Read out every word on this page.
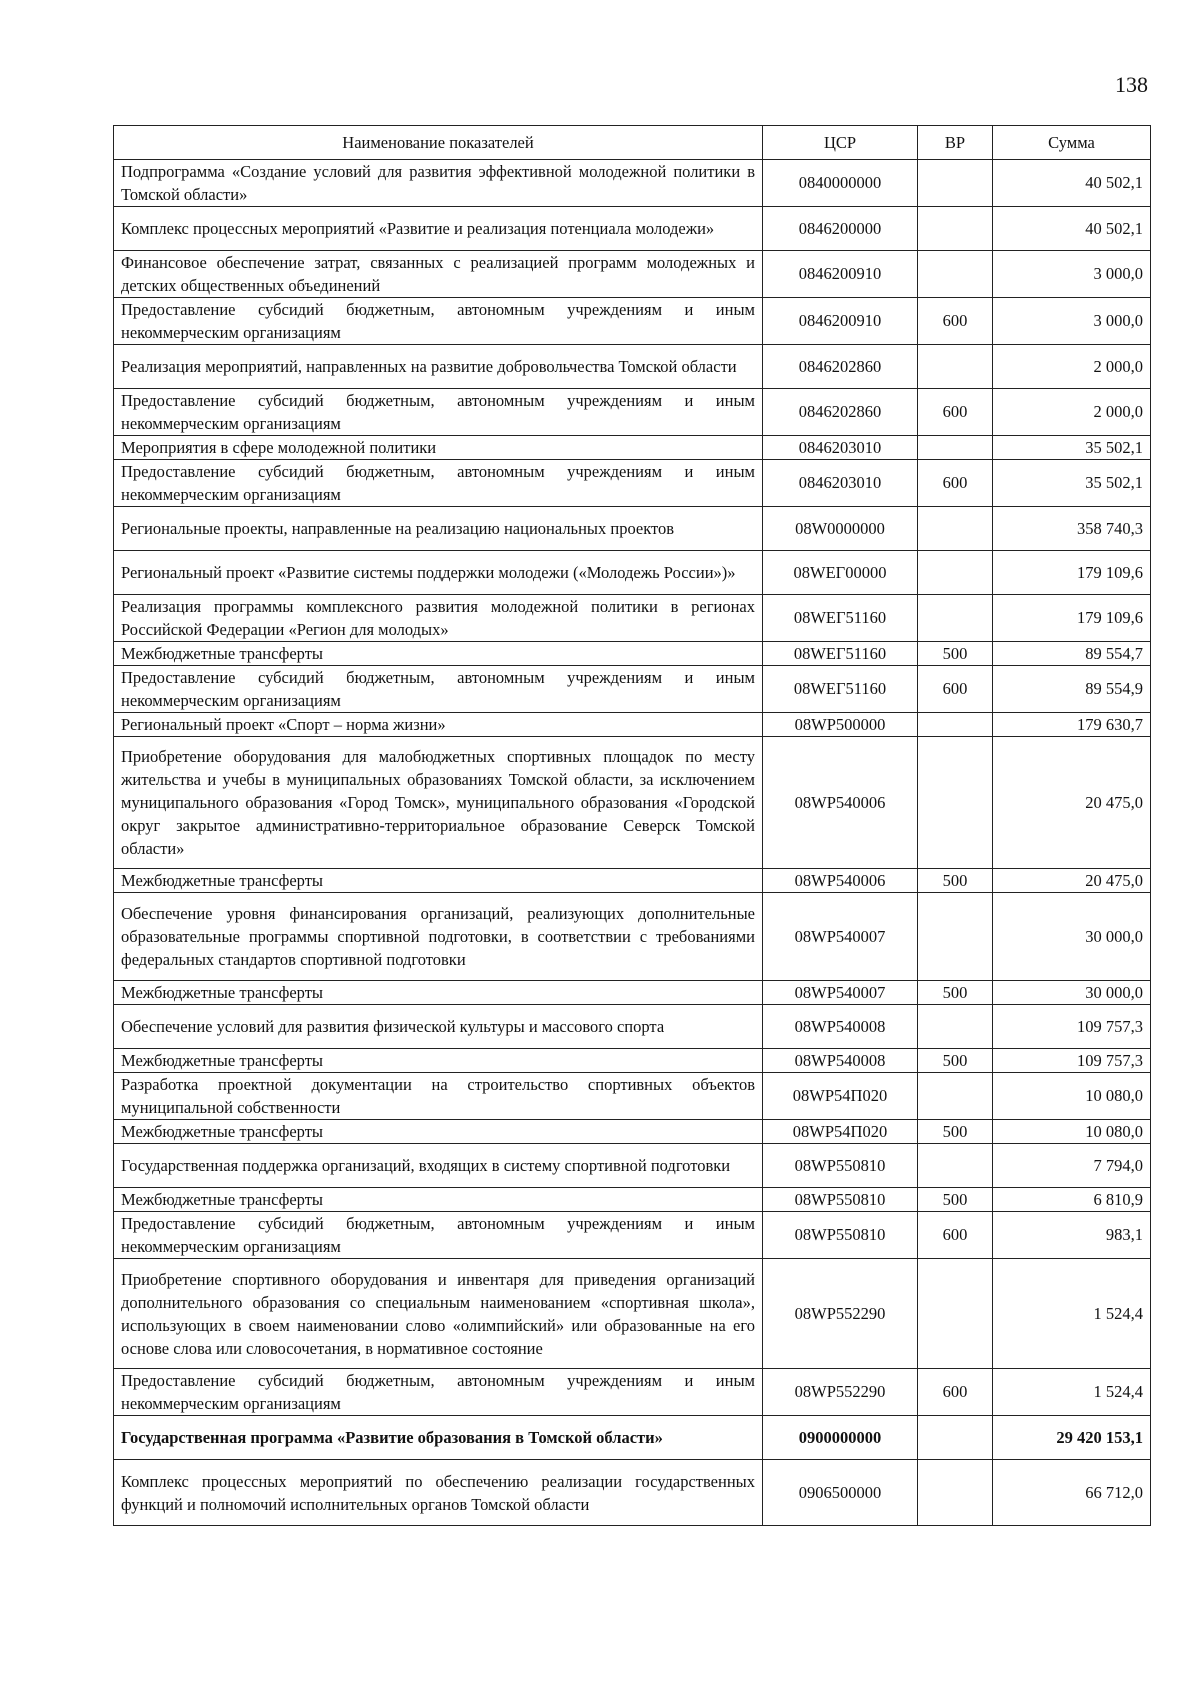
138
Наименование показателей	ЦСР	ВР	Сумма
Подпрограмма «Создание условий для развития эффективной молодежной политики в Томской области»	0840000000		40 502,1
Комплекс процессных мероприятий «Развитие и реализация потенциала молодежи»	0846200000		40 502,1
Финансовое обеспечение затрат, связанных с реализацией программ молодежных и детских общественных объединений	0846200910		3 000,0
Предоставление субсидий бюджетным, автономным учреждениям и иным некоммерческим организациям	0846200910	600	3 000,0
Реализация мероприятий, направленных на развитие добровольчества Томской области	0846202860		2 000,0
Предоставление субсидий бюджетным, автономным учреждениям и иным некоммерческим организациям	0846202860	600	2 000,0
Мероприятия в сфере молодежной политики	0846203010		35 502,1
Предоставление субсидий бюджетным, автономным учреждениям и иным некоммерческим организациям	0846203010	600	35 502,1
Региональные проекты, направленные на реализацию национальных проектов	08W0000000		358 740,3
Региональный проект «Развитие системы поддержки молодежи («Молодежь России»)»	08WЕГ00000		179 109,6
Реализация программы комплексного развития молодежной политики в регионах Российской Федерации «Регион для молодых»	08WЕГ51160		179 109,6
Межбюджетные трансферты	08WЕГ51160	500	89 554,7
Предоставление субсидий бюджетным, автономным учреждениям и иным некоммерческим организациям	08WЕГ51160	600	89 554,9
Региональный проект «Спорт – норма жизни»	08WP500000		179 630,7
Приобретение оборудования для малобюджетных спортивных площадок по месту жительства и учебы в муниципальных образованиях Томской области, за исключением муниципального образования «Город Томск», муниципального образования «Городской округ закрытое административно-территориальное образование Северск Томской области»	08WP540006		20 475,0
Межбюджетные трансферты	08WP540006	500	20 475,0
Обеспечение уровня финансирования организаций, реализующих дополнительные образовательные программы спортивной подготовки, в соответствии с требованиями федеральных стандартов спортивной подготовки	08WP540007		30 000,0
Межбюджетные трансферты	08WP540007	500	30 000,0
Обеспечение условий для развития физической культуры и массового спорта	08WP540008		109 757,3
Межбюджетные трансферты	08WP540008	500	109 757,3
Разработка проектной документации на строительство спортивных объектов муниципальной собственности	08WP54П020		10 080,0
Межбюджетные трансферты	08WP54П020	500	10 080,0
Государственная поддержка организаций, входящих в систему спортивной подготовки	08WP550810		7 794,0
Межбюджетные трансферты	08WP550810	500	6 810,9
Предоставление субсидий бюджетным, автономным учреждениям и иным некоммерческим организациям	08WP550810	600	983,1
Приобретение спортивного оборудования и инвентаря для приведения организаций дополнительного образования со специальным наименованием «спортивная школа», использующих в своем наименовании слово «олимпийский» или образованные на его основе слова или словосочетания, в нормативное состояние	08WP552290		1 524,4
Предоставление субсидий бюджетным, автономным учреждениям и иным некоммерческим организациям	08WP552290	600	1 524,4
Государственная программа «Развитие образования в Томской области»	0900000000		29 420 153,1
Комплекс процессных мероприятий по обеспечению реализации государственных функций и полномочий исполнительных органов Томской области	0906500000		66 712,0
